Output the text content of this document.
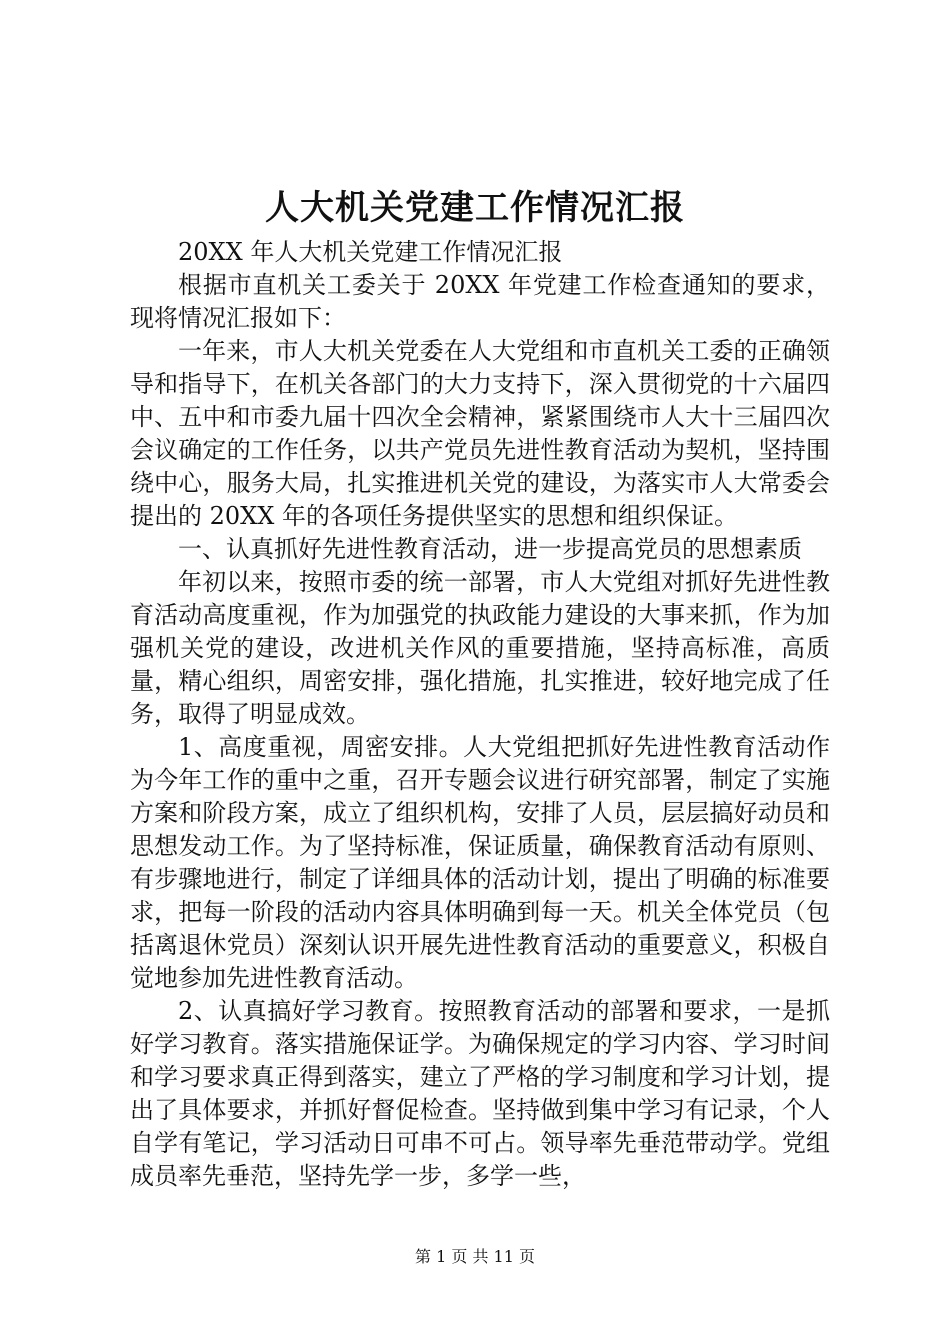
人大机关党建工作情况汇报

20XX 年人大机关党建工作情况汇报

根据市直机关工委关于 20XX 年党建工作检查通知的要求，现将情况汇报如下：

一年来，市人大机关党委在人大党组和市直机关工委的正确领导和指导下，在机关各部门的大力支持下，深入贯彻党的十六届四中、五中和市委九届十四次全会精神，紧紧围绕市人大十三届四次会议确定的工作任务，以共产党员先进性教育活动为契机，坚持围绕中心，服务大局，扎实推进机关党的建设，为落实市人大常委会提出的 20XX 年的各项任务提供坚实的思想和组织保证。

一、认真抓好先进性教育活动，进一步提高党员的思想素质

年初以来，按照市委的统一部署，市人大党组对抓好先进性教育活动高度重视，作为加强党的执政能力建设的大事来抓，作为加强机关党的建设，改进机关作风的重要措施，坚持高标准，高质量，精心组织，周密安排，强化措施，扎实推进，较好地完成了任务，取得了明显成效。

1、高度重视，周密安排。人大党组把抓好先进性教育活动作为今年工作的重中之重，召开专题会议进行研究部署，制定了实施方案和阶段方案，成立了组织机构，安排了人员，层层搞好动员和思想发动工作。为了坚持标准，保证质量，确保教育活动有原则、有步骤地进行，制定了详细具体的活动计划，提出了明确的标准要求，把每一阶段的活动内容具体明确到每一天。机关全体党员（包括离退休党员）深刻认识开展先进性教育活动的重要意义，积极自觉地参加先进性教育活动。

2、认真搞好学习教育。按照教育活动的部署和要求，一是抓好学习教育。落实措施保证学。为确保规定的学习内容、学习时间和学习要求真正得到落实，建立了严格的学习制度和学习计划，提出了具体要求，并抓好督促检查。坚持做到集中学习有记录，个人自学有笔记，学习活动日可串不可占。领导率先垂范带动学。党组成员率先垂范，坚持先学一步，多学一些，

第 1 页 共 11 页
